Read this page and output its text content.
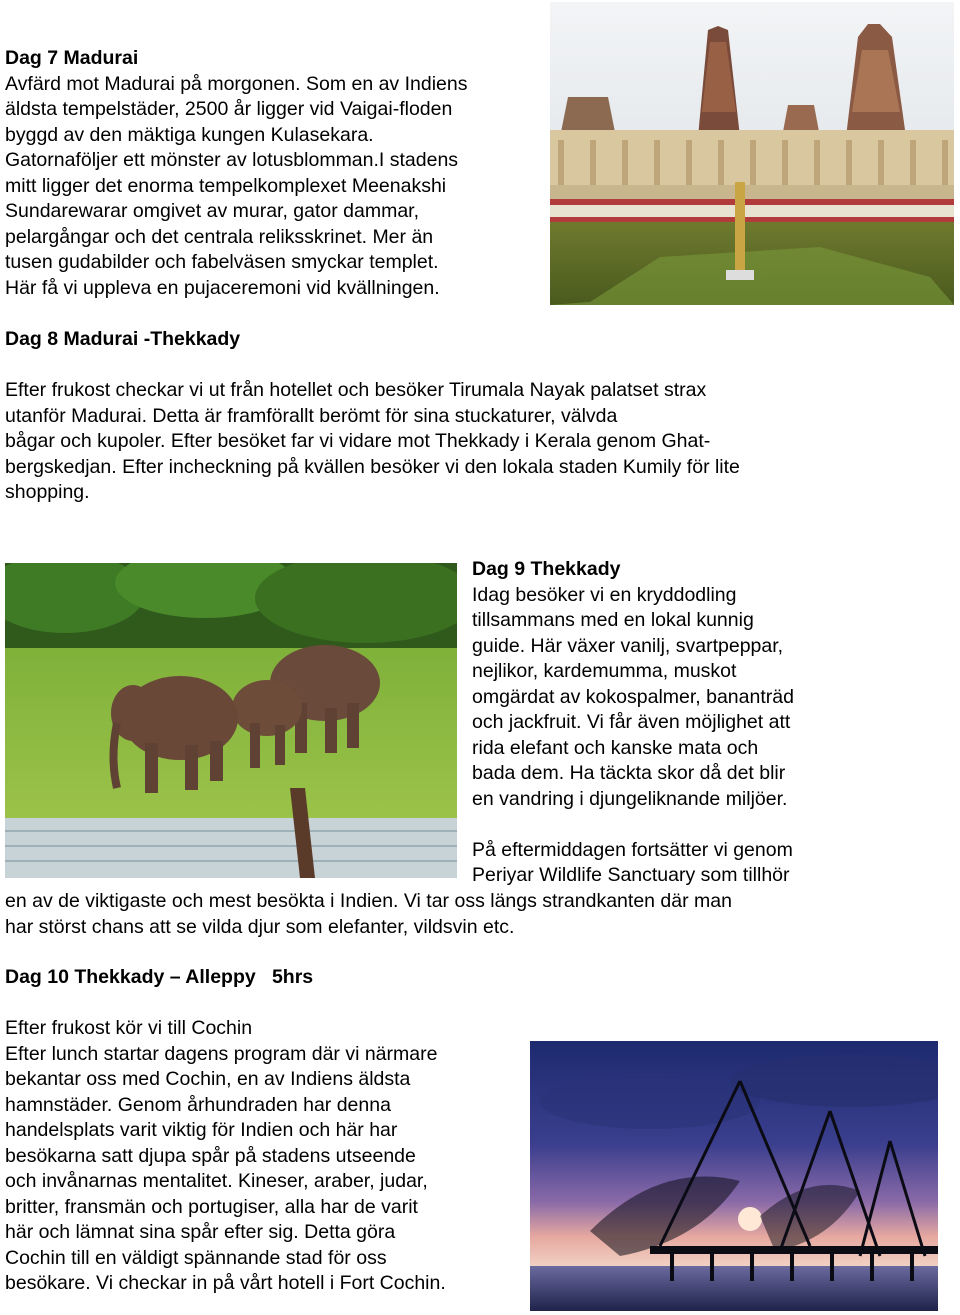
Dag 7 Madurai
Avfärd mot Madurai på morgonen. Som en av Indiens
äldsta tempelstäder, 2500 år ligger vid Vaigai-floden
byggd av den mäktiga kungen Kulasekara.
Gatornaföljer ett mönster av lotusblomman.I stadens
mitt ligger det enorma tempelkomplexet Meenakshi
Sundarewarar omgivet av murar, gator dammar,
pelargångar och det centrala reliksskrinet. Mer än
tusen gudabilder och fabelväsen smyckar templet.
Här få vi uppleva en pujaceremoni vid kvällningen.
Dag 8 Madurai -Thekkady
Efter frukost checkar vi ut från hotellet och besöker Tirumala Nayak palatset strax
utanför Madurai. Detta är framförallt berömt för sina stuckaturer, välvda
bågar och kupoler. Efter besöket far vi vidare mot Thekkady i Kerala genom Ghat-
bergskedjan. Efter incheckning på kvällen besöker vi den lokala staden Kumily för lite
shopping.
Dag 9 Thekkady
Idag besöker vi en kryddodling
tillsammans med en lokal kunnig
guide. Här växer vanilj, svartpeppar,
nejlikor, kardemumma, muskot
omgärdat av kokospalmer, bananträd
och jackfruit. Vi får även möjlighet att
rida elefant och kanske mata och
bada dem. Ha täckta skor då det blir
en vandring i djungeliknande miljöer.
På eftermiddagen fortsätter vi genom
Periyar Wildlife Sanctuary som tillhör
en av de viktigaste och mest besökta i Indien. Vi tar oss längs strandkanten där man
har störst chans att se vilda djur som elefanter, vildsvin etc.
Dag 10 Thekkady – Alleppy   5hrs
Efter frukost kör vi till Cochin
Efter lunch startar dagens program där vi närmare
bekantar oss med Cochin, en av Indiens äldsta
hamnstäder. Genom århundraden har denna
handelsplats varit viktig för Indien och här har
besökarna satt djupa spår på stadens utseende
och invånarnas mentalitet. Kineser, araber, judar,
britter, fransmän och portugiser, alla har de varit
här och lämnat sina spår efter sig. Detta göra
Cochin till en väldigt spännande stad för oss
besökare. Vi checkar in på vårt hotell i Fort Cochin.
